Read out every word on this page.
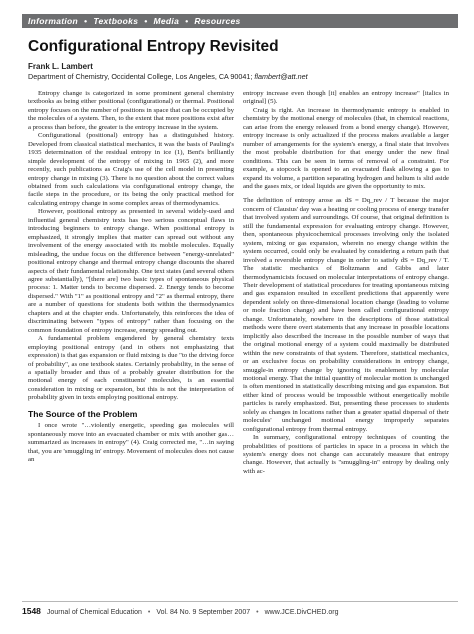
Information • Textbooks • Media • Resources
Configurational Entropy Revisited
Frank L. Lambert
Department of Chemistry, Occidental College, Los Angeles, CA 90041; flambert@att.net

Entropy change is categorized in some prominent general chemistry textbooks as being either positional (configurational) or thermal. Positional entropy focuses on the number of positions in space that can be occupied by the molecules of a system. Then, to the extent that more positions exist after a process than before, the greater is the entropy increase in the system.

Configurational (positional) entropy has a distinguished history. Developed from classical statistical mechanics, it was the basis of Pauling's 1935 determination of the residual entropy in ice (1), Bent's brilliantly simple development of the entropy of mixing in 1965 (2), and more recently, such publications as Craig's use of the cell model in presenting entropy change in mixing (3). There is no question about the correct values obtained from such calculations via configurational entropy change, the facile steps in the procedure, or its being the only practical method for calculating entropy change in some complex areas of thermodynamics.

However, positional entropy as presented in several widely-used and influential general chemistry texts has two serious conceptual flaws in introducing beginners to entropy change. When positional entropy is emphasized, it strongly implies that matter can spread out without any involvement of the energy associated with its mobile molecules. Equally misleading, the undue focus on the difference between "energy-unrelated" positional entropy change and thermal entropy change discounts the shared aspects of their fundamental relationship. One text states (and several others agree substantially), "[there are] two basic types of spontaneous physical process: 1. Matter tends to become dispersed. 2. Energy tends to become dispersed." With "1" as positional entropy and "2" as thermal entropy, there are a number of questions for students both within the thermodynamics chapters and at the chapter ends. Unfortunately, this reinforces the idea of discriminating between "types of entropy" rather than focusing on the common foundation of entropy increase, energy spreading out.

A fundamental problem engendered by general chemistry texts employing positional entropy (and in others not emphasizing that expression) is that gas expansion or fluid mixing is due "to the driving force of probability", as one textbook states. Certainly probability, in the sense of a spatially broader and thus of a probably greater distribution for the motional energy of each constituents' molecules, is an essential consideration in mixing or expansion, but this is not the interpretation of probability given in texts employing positional entropy.

The Source of the Problem

I once wrote "…violently energetic, speeding gas molecules will spontaneously move into an evacuated chamber or mix with another gas…summarized as increases in entropy" (4). Craig corrected me, "…in saying that, you are 'smuggling in' entropy. Movement of molecules does not cause an

entropy increase even though [it] enables an entropy increase" [italics in original] (5).

Craig is right. An increase in thermodynamic entropy is enabled in chemistry by the motional energy of molecules (that, in chemical reactions, can arise from the energy released from a bond energy change). However, entropy increase is only actualized if the process makes available a larger number of arrangements for the system's energy, a final state that involves the most probable distribution for that energy under the new final conditions. This can be seen in terms of removal of a constraint. For example, a stopcock is opened to an evacuated flask allowing a gas to expand its volume, a partition separating hydrogen and helium is slid aside and the gases mix, or ideal liquids are given the opportunity to mix.

The definition of entropy arose as dS = Dq_rev / T because the major concern of Clausius' day was a heating or cooling process of energy transfer that involved system and surroundings. Of course, that original definition is still the fundamental expression for evaluating entropy change. However, then, spontaneous physicochemical processes involving only the isolated system, mixing or gas expansion, wherein no energy change within the system occurred, could only be evaluated by considering a return path that involved a reversible entropy change in order to satisfy dS = Dq_rev / T. The statistic mechanics of Boltzmann and Gibbs and later thermodynamicists focused on molecular interpretations of entropy change. Their development of statistical procedures for treating spontaneous mixing and gas expansion resulted in excellent predictions that apparently were dependent solely on three-dimensional location change (leading to volume or mole fraction change) and have been called configurational entropy change. Unfortunately, nowhere in the descriptions of those statistical methods were there overt statements that any increase in possible locations implicitly also described the increase in the possible number of ways that the original motional energy of a system could maximally be distributed within the new constraints of that system. Therefore, statistical mechanics, or an exclusive focus on probability considerations in entropy change, smuggle-in entropy change by ignoring its enablement by molecular motional energy. That the initial quantity of molecular motion is unchanged is often mentioned in statistically describing mixing and gas expansion. But either kind of process would be impossible without energetically mobile particles is rarely emphasized. But, presenting these processes to students solely as changes in locations rather than a greater spatial dispersal of their molecules' unchanged motional energy improperly separates configurational entropy from thermal entropy.

In summary, configurational entropy techniques of counting the probabilities of positions of particles in space in a process in which the system's energy does not change can accurately measure that entropy change. However, that actually is "smuggling-in" entropy by dealing only with ac-

1548 Journal of Chemical Education • Vol. 84 No. 9 September 2007 • www.JCE.DivCHED.org
